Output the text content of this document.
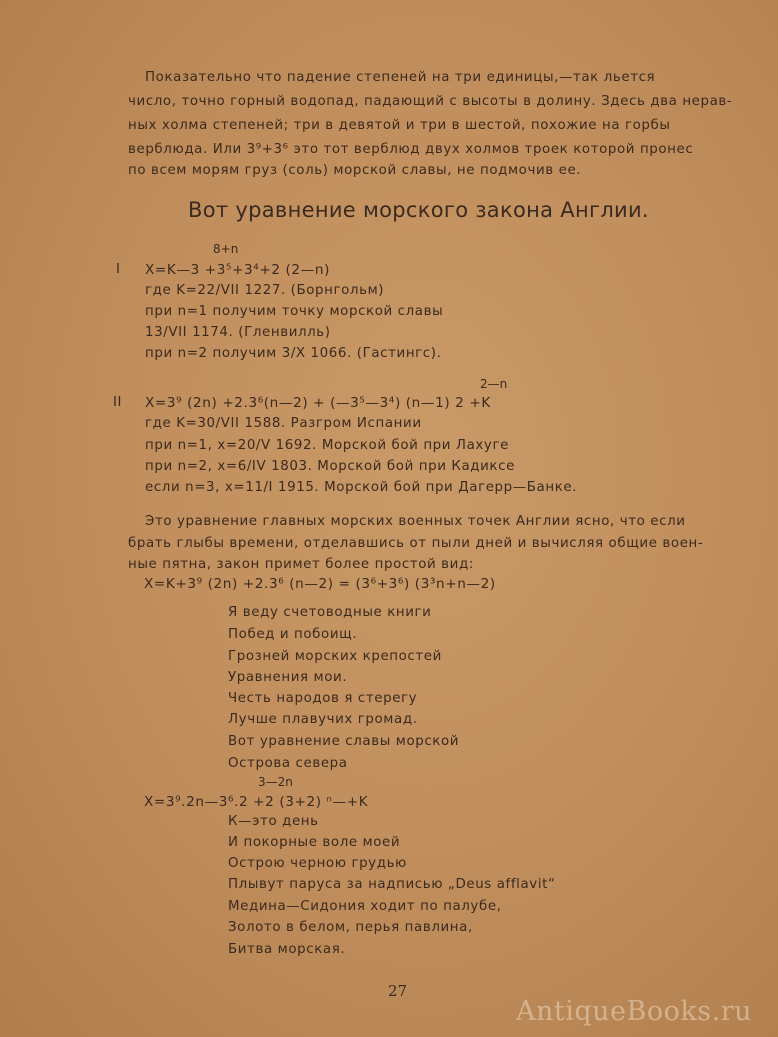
Показательно что падение степеней на три единицы,—так льется
число, точно горный водопад, падающий с высоты в долину. Здесь два нерав-
ных холма степеней; три в девятой и три в шестой, похожие на горбы
верблюда. Или 3⁹+3⁶ это тот верблюд двух холмов троек которой пронес
по всем морям груз (соль) морской славы, не подмочив ее.
Вот уравнение морского закона Англии.
8+n
I X=K—3 +3⁵+3⁴+2 (2—n)
где K=22/VII 1227. (Борнгольм)
при n=1 получим точку морской славы
13/VII 1174. (Гленвилль)
при n=2 получим 3/X 1066. (Гастингс).
2—n
II X=3⁹ (2n) +2.3⁶(n—2) + (—3⁵—3⁴) (n—1) 2 +K
где K=30/VII 1588. Разгром Испании
при n=1, x=20/V 1692. Морской бой при Лахуге
при n=2, x=6/IV 1803. Морской бой при Кадиксе
если n=3, x=11/I 1915. Морской бой при Дагерр—Банке.
Это уравнение главных морских военных точек Англии ясно, что если
брать глыбы времени, отделавшись от пыли дней и вычисляя общие воен-
ные пятна, закон примет более простой вид:
X=K+3⁹ (2n) +2.3⁶ (n—2) = (3⁶+3⁶) (3³n+n—2)
Я веду счетоводные книги
Побед и побоищ.
Грозней морских крепостей
Уравнения мои.
Честь народов я стерегу
Лучше плавучих громад.
Вот уравнение славы морской
Острова севера
3—2n
X=3⁹.2n—3⁶.2 +2 (3+2) ⁿ—+K
К—это день
И покорные воле моей
Острою черною грудью
Плывут паруса за надписью „Deus afflavit“
Медина—Сидония ходит по палубе,
Золото в белом, перья павлина,
Битва морская.
27
AntiqueBooks.ru
